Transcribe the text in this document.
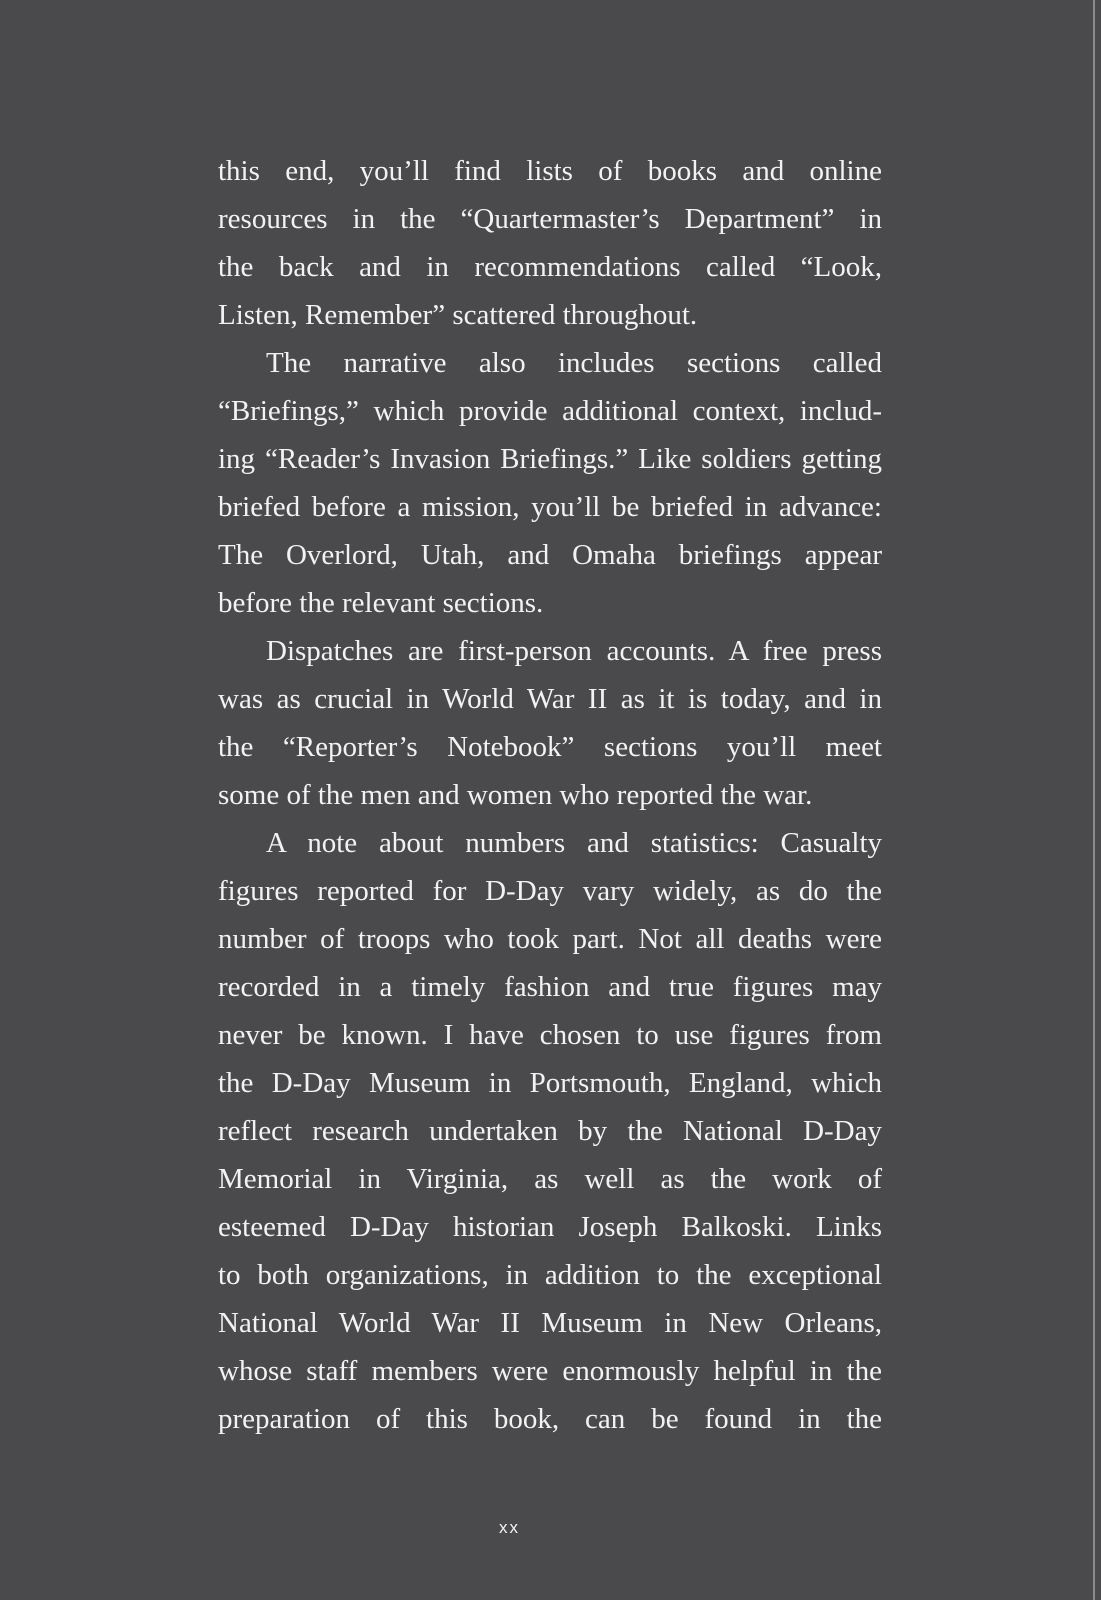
this end, you’ll find lists of books and online
resources in the “Quartermaster’s Department” in
the back and in recommendations called “Look,
Listen, Remember” scattered throughout.
The narrative also includes sections called
“Briefings,” which provide additional context, includ-
ing “Reader’s Invasion Briefings.” Like soldiers getting
briefed before a mission, you’ll be briefed in advance:
The Overlord, Utah, and Omaha briefings appear
before the relevant sections.
Dispatches are first-person accounts. A free press
was as crucial in World War II as it is today, and in
the “Reporter’s Notebook” sections you’ll meet
some of the men and women who reported the war.
A note about numbers and statistics: Casualty
figures reported for D-Day vary widely, as do the
number of troops who took part. Not all deaths were
recorded in a timely fashion and true figures may
never be known. I have chosen to use figures from
the D-Day Museum in Portsmouth, England, which
reflect research undertaken by the National D-Day
Memorial in Virginia, as well as the work of
esteemed D-Day historian Joseph Balkoski. Links
to both organizations, in addition to the exceptional
National World War II Museum in New Orleans,
whose staff members were enormously helpful in the
preparation of this book, can be found in the
xx
